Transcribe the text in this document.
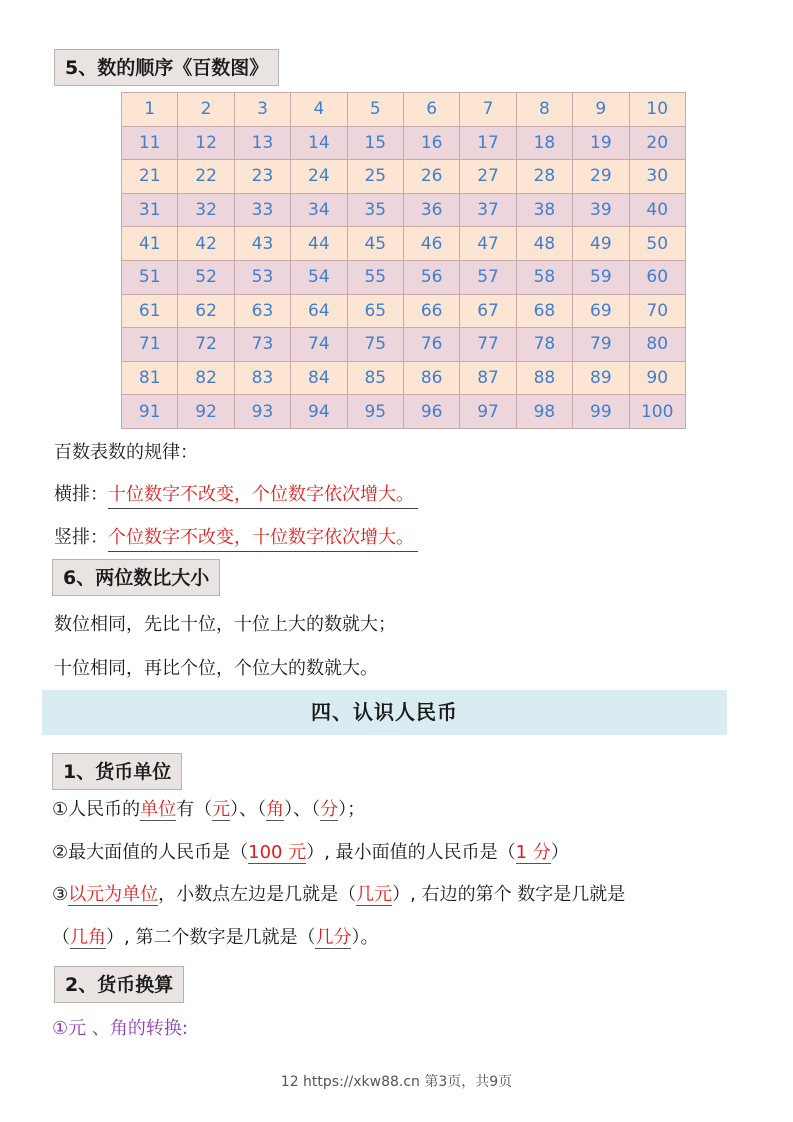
5、数的顺序《百数图》
1	2	3	4	5	6	7	8	9	10
11	12	13	14	15	16	17	18	19	20
21	22	23	24	25	26	27	28	29	30
31	32	33	34	35	36	37	38	39	40
41	42	43	44	45	46	47	48	49	50
51	52	53	54	55	56	57	58	59	60
61	62	63	64	65	66	67	68	69	70
71	72	73	74	75	76	77	78	79	80
81	82	83	84	85	86	87	88	89	90
91	92	93	94	95	96	97	98	99	100
百数表数的规律：
横排：十位数字不改变，个位数字依次增大。
竖排：个位数字不改变，十位数字依次增大。
6、两位数比大小
数位相同，先比十位，十位上大的数就大；
十位相同，再比个位，个位大的数就大。
四、认识人民币
1、货币单位
①人民币的单位有（元）、（角）、（分）；
②最大面值的人民币是（100 元）, 最小面值的人民币是（1 分）
③以元为单位，小数点左边是几就是（几元）, 右边的第个 数字是几就是
（几角）, 第二个数字是几就是（几分）。
2、货币换算
①元 、角的转换:
12 https://xkw88.cn 第3页，共9页
